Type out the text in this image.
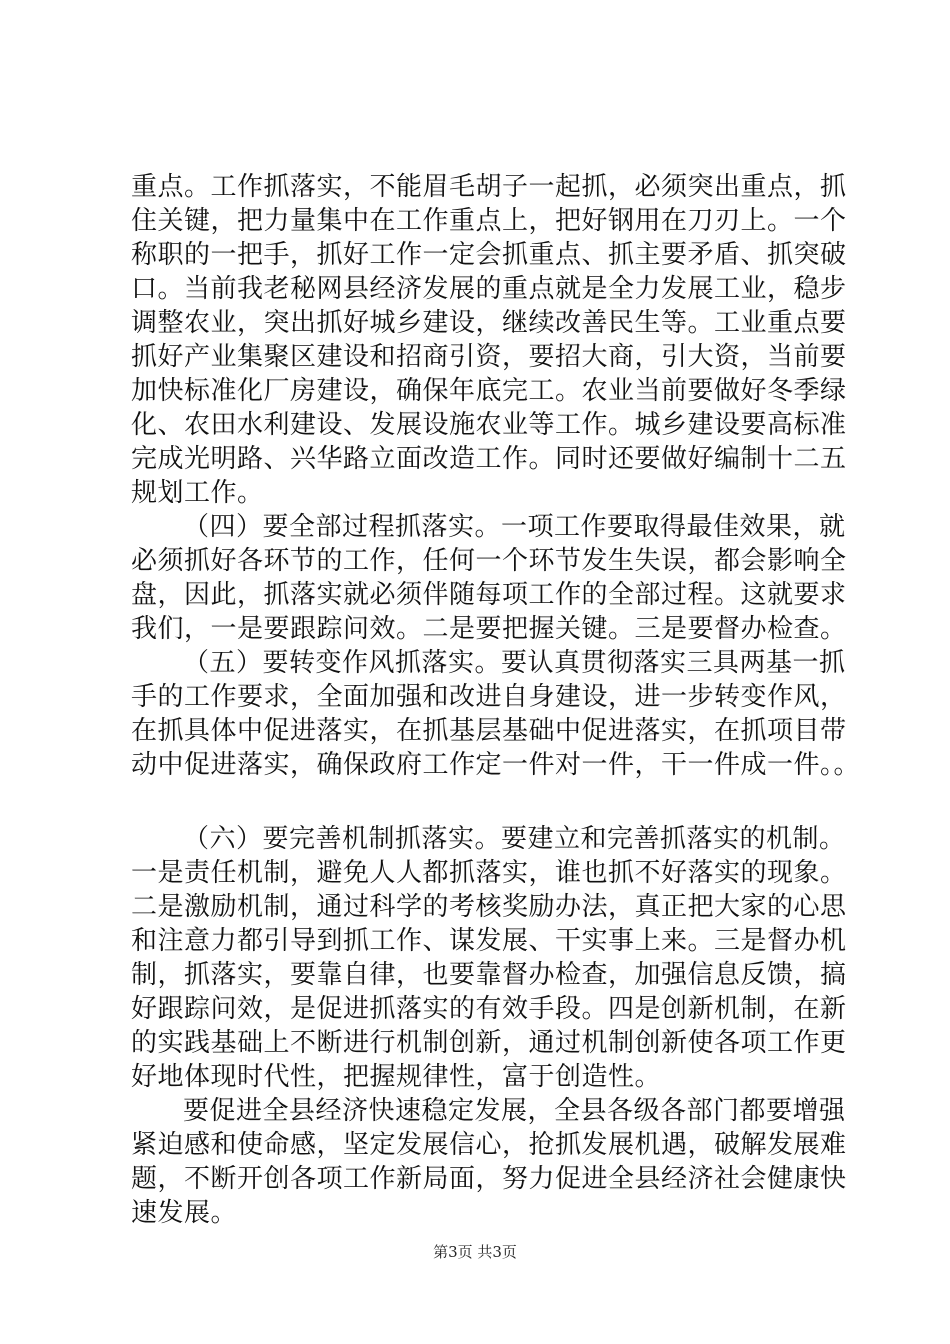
重点。工作抓落实，不能眉毛胡子一起抓，必须突出重点，抓
住关键，把力量集中在工作重点上，把好钢用在刀刃上。一个
称职的一把手，抓好工作一定会抓重点、抓主要矛盾、抓突破
口。当前我老秘网县经济发展的重点就是全力发展工业，稳步
调整农业，突出抓好城乡建设，继续改善民生等。工业重点要
抓好产业集聚区建设和招商引资，要招大商，引大资，当前要
加快标准化厂房建设，确保年底完工。农业当前要做好冬季绿
化、农田水利建设、发展设施农业等工作。城乡建设要高标准
完成光明路、兴华路立面改造工作。同时还要做好编制十二五
规划工作。
（四）要全部过程抓落实。一项工作要取得最佳效果，就
必须抓好各环节的工作，任何一个环节发生失误，都会影响全
盘，因此，抓落实就必须伴随每项工作的全部过程。这就要求
我们，一是要跟踪问效。二是要把握关键。三是要督办检查。
（五）要转变作风抓落实。要认真贯彻落实三具两基一抓
手的工作要求，全面加强和改进自身建设，进一步转变作风，
在抓具体中促进落实，在抓基层基础中促进落实，在抓项目带
动中促进落实，确保政府工作定一件对一件，干一件成一件。。
（六）要完善机制抓落实。要建立和完善抓落实的机制。
一是责任机制，避免人人都抓落实，谁也抓不好落实的现象。
二是激励机制，通过科学的考核奖励办法，真正把大家的心思
和注意力都引导到抓工作、谋发展、干实事上来。三是督办机
制，抓落实，要靠自律，也要靠督办检查，加强信息反馈，搞
好跟踪问效，是促进抓落实的有效手段。四是创新机制，在新
的实践基础上不断进行机制创新，通过机制创新使各项工作更
好地体现时代性，把握规律性，富于创造性。
要促进全县经济快速稳定发展，全县各级各部门都要增强
紧迫感和使命感，坚定发展信心，抢抓发展机遇，破解发展难
题，不断开创各项工作新局面，努力促进全县经济社会健康快
速发展。
第3页 共3页
